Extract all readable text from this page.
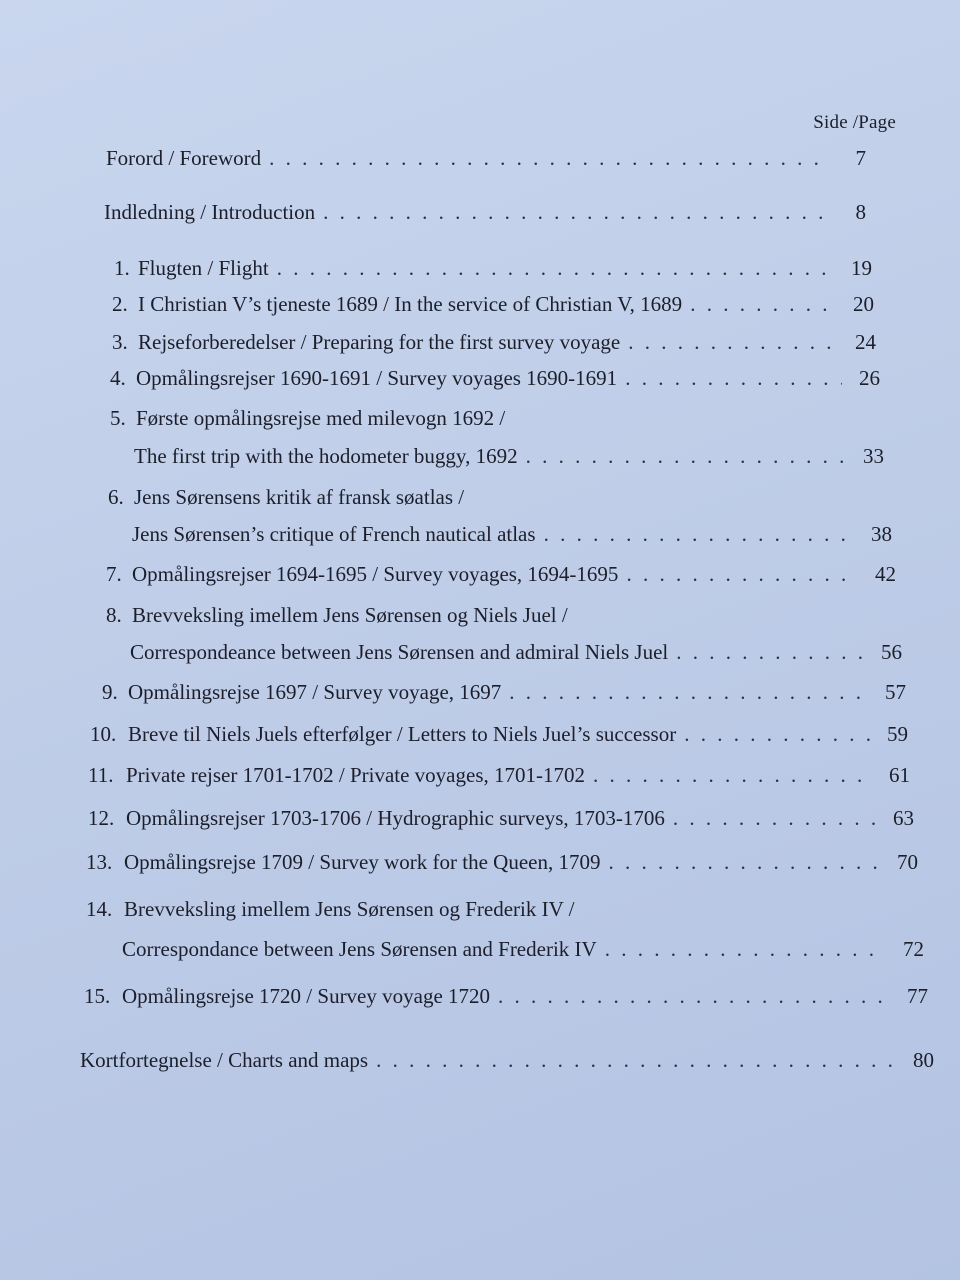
Side /Page
Forord / Foreword . . .	7
Indledning / Introduction . . .	8
1. Flugten / Flight . . .	19
2. I Christian V’s tjeneste 1689 / In the service of Christian V, 1689 . . .	20
3. Rejseforberedelser / Preparing for the first survey voyage . . .	24
4. Opmålingsrejser 1690-1691 / Survey voyages 1690-1691 . . .	26
5. Første opmålingsrejse med milevogn 1692 /
The first trip with the hodometer buggy, 1692 . . .	33
6. Jens Sørensens kritik af fransk søatlas /
Jens Sørensen’s critique of French nautical atlas . . .	38
7. Opmålingsrejser 1694-1695 / Survey voyages, 1694-1695 . . .	42
8. Brevveksling imellem Jens Sørensen og Niels Juel /
Correspondeance between Jens Sørensen and admiral Niels Juel . . .	56
9. Opmålingsrejse 1697 / Survey voyage, 1697 . . .	57
10. Breve til Niels Juels efterfølger / Letters to Niels Juel’s successor . . .	59
11. Private rejser 1701-1702 / Private voyages, 1701-1702 . . .	61
12. Opmålingsrejser 1703-1706 / Hydrographic surveys, 1703-1706 . . .	63
13. Opmålingsrejse 1709 / Survey work for the Queen, 1709 . . .	70
14. Brevveksling imellem Jens Sørensen og Frederik IV /
Correspondance between Jens Sørensen and Frederik IV . . .	72
15. Opmålingsrejse 1720 / Survey voyage 1720 . . .	77
Kortfortegnelse / Charts and maps . . .	80
